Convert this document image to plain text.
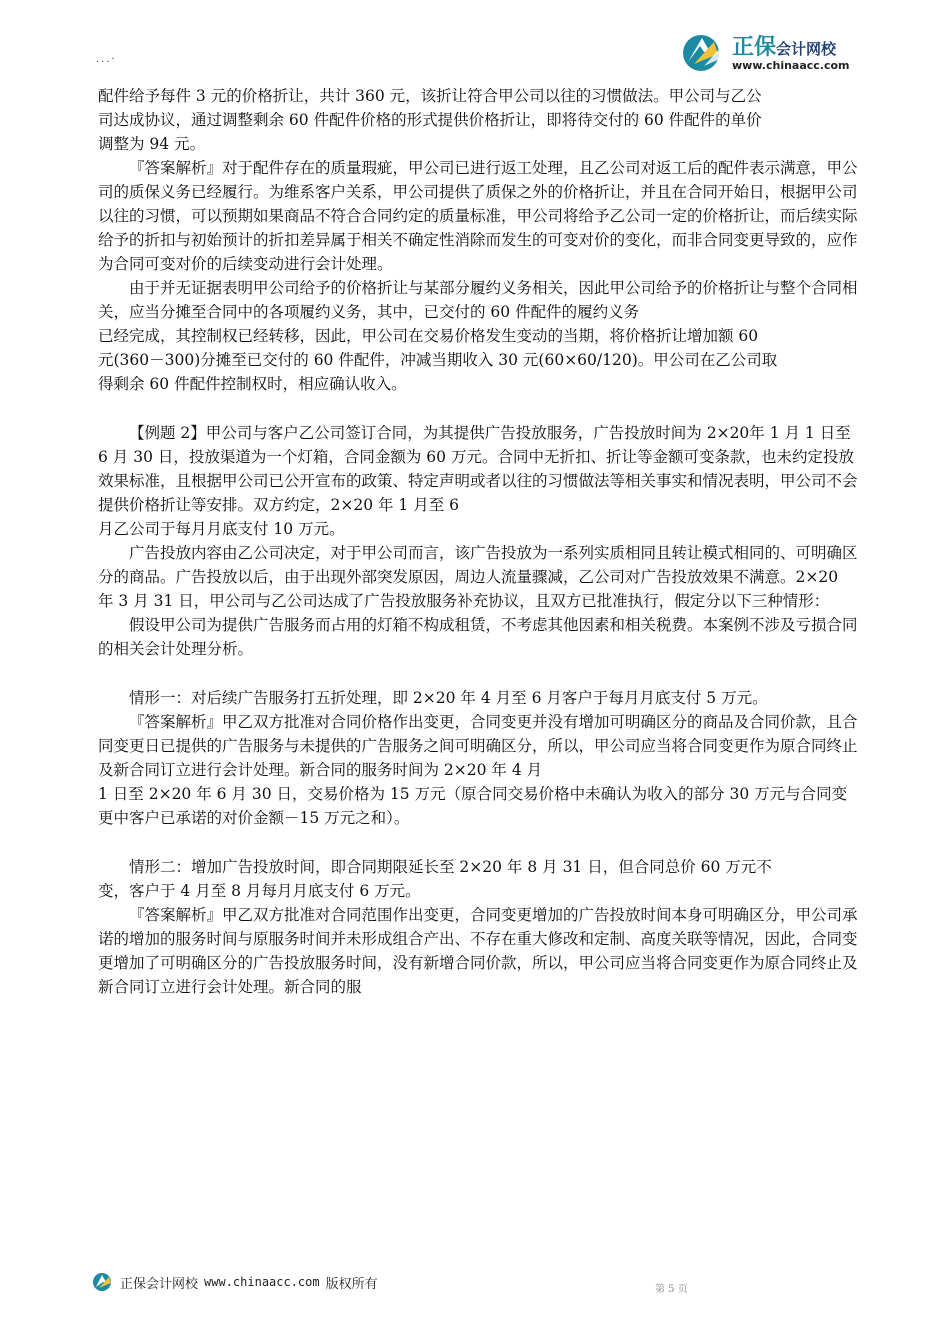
...·	正保会计网校
www.chinaacc.com

配件给予每件 3 元的价格折让，共计 360 元，该折让符合甲公司以往的习惯做法。甲公司与乙公

司达成协议，通过调整剩余 60 件配件价格的形式提供价格折让，即将待交付的 60 件配件的单价

调整为 94 元。

『答案解析』对于配件存在的质量瑕疵，甲公司已进行返工处理，且乙公司对返工后的配件表示满意，甲公司的质保义务已经履行。为维系客户关系，甲公司提供了质保之外的价格折让，并且在合同开始日，根据甲公司以往的习惯，可以预期如果商品不符合合同约定的质量标准，甲公司将给予乙公司一定的价格折让，而后续实际给予的折扣与初始预计的折扣差异属于相关不确定性消除而发生的可变对价的变化，而非合同变更导致的，应作为合同可变对价的后续变动进行会计处理。

由于并无证据表明甲公司给予的价格折让与某部分履约义务相关，因此甲公司给予的价格折让与整个合同相关，应当分摊至合同中的各项履约义务，其中，已交付的 60 件配件的履约义务

已经完成，其控制权已经转移，因此，甲公司在交易价格发生变动的当期，将价格折让增加额 60

元(360－300)分摊至已交付的 60 件配件，冲减当期收入 30 元(60×60/120)。甲公司在乙公司取

得剩余 60 件配件控制权时，相应确认收入。

【例题 2】甲公司与客户乙公司签订合同，为其提供广告投放服务，广告投放时间为 2×20年 1 月 1 日至 6 月 30 日，投放渠道为一个灯箱，合同金额为 60 万元。合同中无折扣、折让等金额可变条款，也未约定投放效果标准，且根据甲公司已公开宣布的政策、特定声明或者以往的习惯做法等相关事实和情况表明，甲公司不会提供价格折让等安排。双方约定，2×20 年 1 月至 6

月乙公司于每月月底支付 10 万元。

广告投放内容由乙公司决定，对于甲公司而言，该广告投放为一系列实质相同且转让模式相同的、可明确区分的商品。广告投放以后，由于出现外部突发原因，周边人流量骤减，乙公司对广告投放效果不满意。2×20 年 3 月 31 日，甲公司与乙公司达成了广告投放服务补充协议，且双方已批准执行，假定分以下三种情形：

假设甲公司为提供广告服务而占用的灯箱不构成租赁，不考虑其他因素和相关税费。本案例不涉及亏损合同的相关会计处理分析。

情形一：对后续广告服务打五折处理，即 2×20 年 4 月至 6 月客户于每月月底支付 5 万元。

『答案解析』甲乙双方批准对合同价格作出变更，合同变更并没有增加可明确区分的商品及合同价款，且合同变更日已提供的广告服务与未提供的广告服务之间可明确区分，所以，甲公司应当将合同变更作为原合同终止及新合同订立进行会计处理。新合同的服务时间为 2×20 年 4 月

1 日至 2×20 年 6 月 30 日，交易价格为 15 万元（原合同交易价格中未确认为收入的部分 30 万元与合同变更中客户已承诺的对价金额－15 万元之和）。

情形二：增加广告投放时间，即合同期限延长至 2×20 年 8 月 31 日，但合同总价 60 万元不

变，客户于 4 月至 8 月每月月底支付 6 万元。

『答案解析』甲乙双方批准对合同范围作出变更，合同变更增加的广告投放时间本身可明确区分，甲公司承诺的增加的服务时间与原服务时间并未形成组合产出、不存在重大修改和定制、高度关联等情况，因此，合同变更增加了可明确区分的广告投放服务时间，没有新增合同价款，所以，甲公司应当将合同变更作为原合同终止及新合同订立进行会计处理。新合同的服

正保会计网校 www.chinaacc.com 版权所有	第 5 页
